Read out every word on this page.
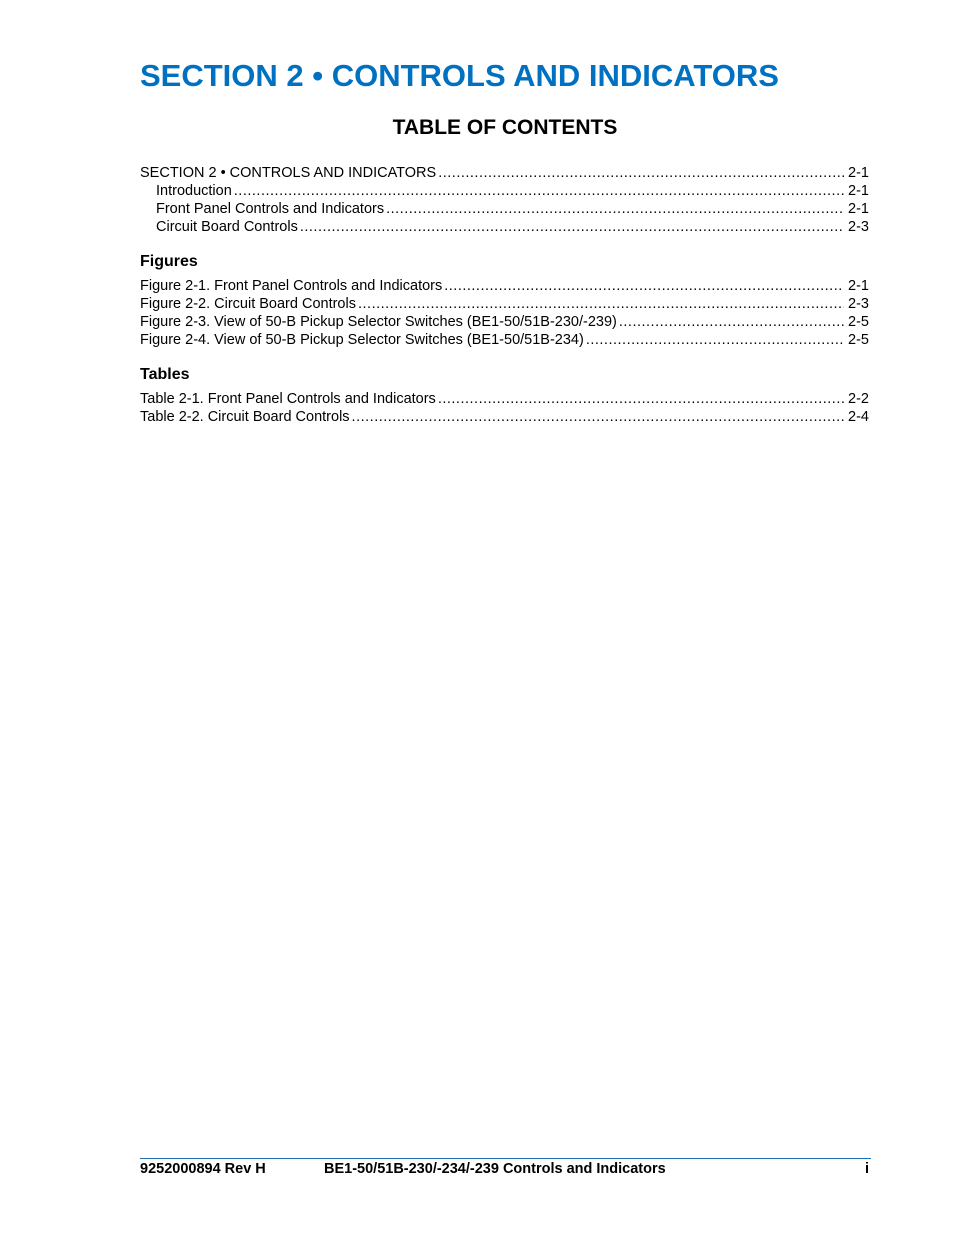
SECTION 2 • CONTROLS AND INDICATORS
TABLE OF CONTENTS
SECTION 2 • CONTROLS AND INDICATORS .....	2-1
Introduction .....	2-1
Front Panel Controls and Indicators .....	2-1
Circuit Board Controls .....	2-3
Figures
Figure 2-1. Front Panel Controls and Indicators .....	2-1
Figure 2-2. Circuit Board Controls .....	2-3
Figure 2-3. View of 50-B Pickup Selector Switches (BE1-50/51B-230/-239) .....	2-5
Figure 2-4. View of 50-B Pickup Selector Switches (BE1-50/51B-234) .....	2-5
Tables
Table 2-1. Front Panel Controls and Indicators .....	2-2
Table 2-2. Circuit Board Controls .....	2-4
9252000894 Rev H	BE1-50/51B-230/-234/-239 Controls and Indicators	i
